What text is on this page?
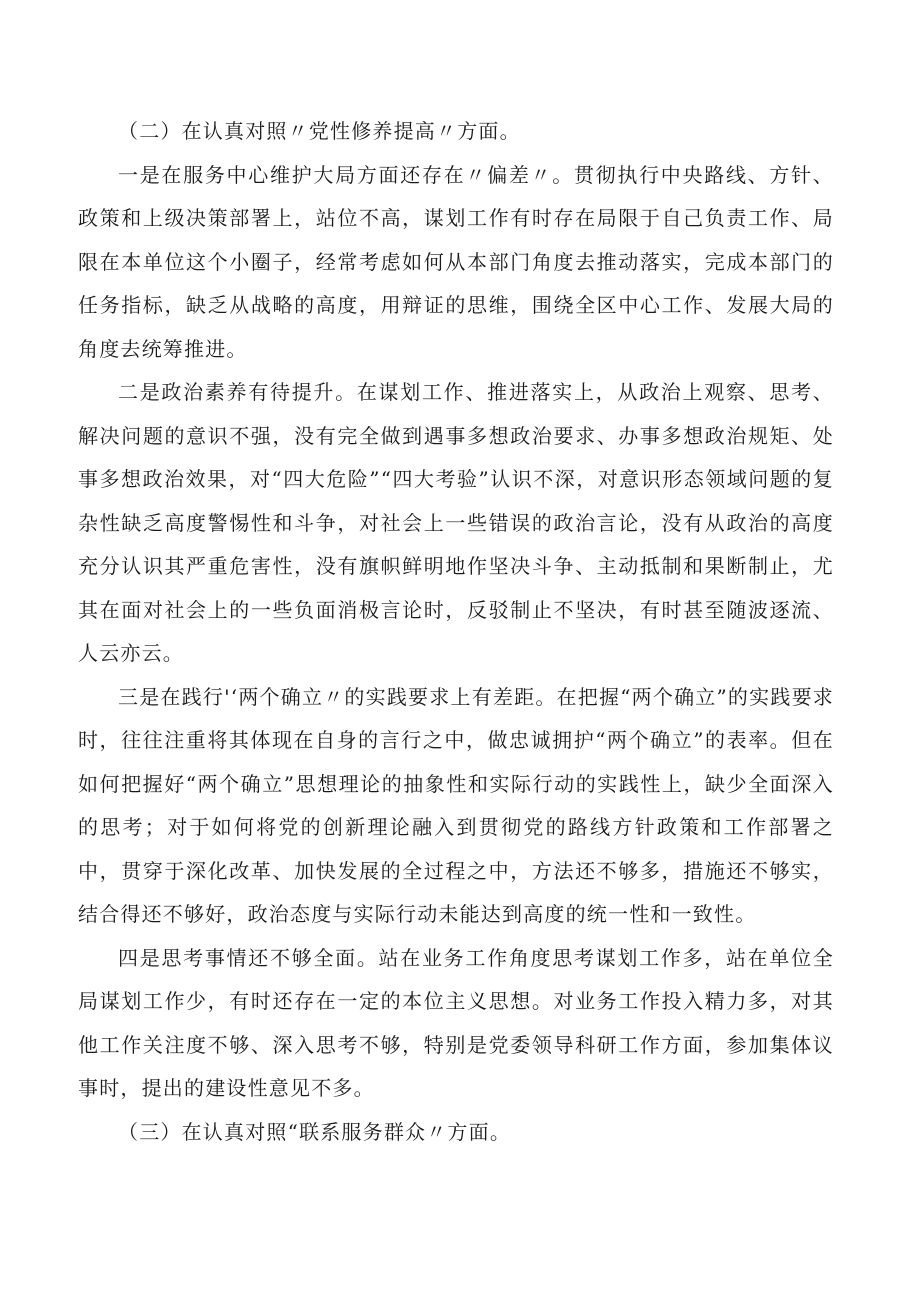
（二）在认真对照〃党性修养提高〃方面。

一是在服务中心维护大局方面还存在〃偏差〃。贯彻执行中央路线、方针、政策和上级决策部署上，站位不高，谋划工作有时存在局限于自己负责工作、局限在本单位这个小圈子，经常考虑如何从本部门角度去推动落实，完成本部门的任务指标，缺乏从战略的高度，用辩证的思维，围绕全区中心工作、发展大局的角度去统筹推进。

二是政治素养有待提升。在谋划工作、推进落实上，从政治上观察、思考、解决问题的意识不强，没有完全做到遇事多想政治要求、办事多想政治规矩、处事多想政治效果，对“四大危险”“四大考验”认识不深，对意识形态领域问题的复杂性缺乏高度警惕性和斗争，对社会上一些错误的政治言论，没有从政治的高度充分认识其严重危害性，没有旗帜鲜明地作坚决斗争、主动抵制和果断制止，尤其在面对社会上的一些负面消极言论时，反驳制止不坚决，有时甚至随波逐流、人云亦云。

三是在践行'‘两个确立〃的实践要求上有差距。在把握“两个确立”的实践要求时，往往注重将其体现在自身的言行之中，做忠诚拥护“两个确立”的表率。但在如何把握好“两个确立”思想理论的抽象性和实际行动的实践性上，缺少全面深入的思考；对于如何将党的创新理论融入到贯彻党的路线方针政策和工作部署之中，贯穿于深化改革、加快发展的全过程之中，方法还不够多，措施还不够实，结合得还不够好，政治态度与实际行动未能达到高度的统一性和一致性。

四是思考事情还不够全面。站在业务工作角度思考谋划工作多，站在单位全局谋划工作少，有时还存在一定的本位主义思想。对业务工作投入精力多，对其他工作关注度不够、深入思考不够，特别是党委领导科研工作方面，参加集体议事时，提出的建设性意见不多。

（三）在认真对照“联系服务群众〃方面。
